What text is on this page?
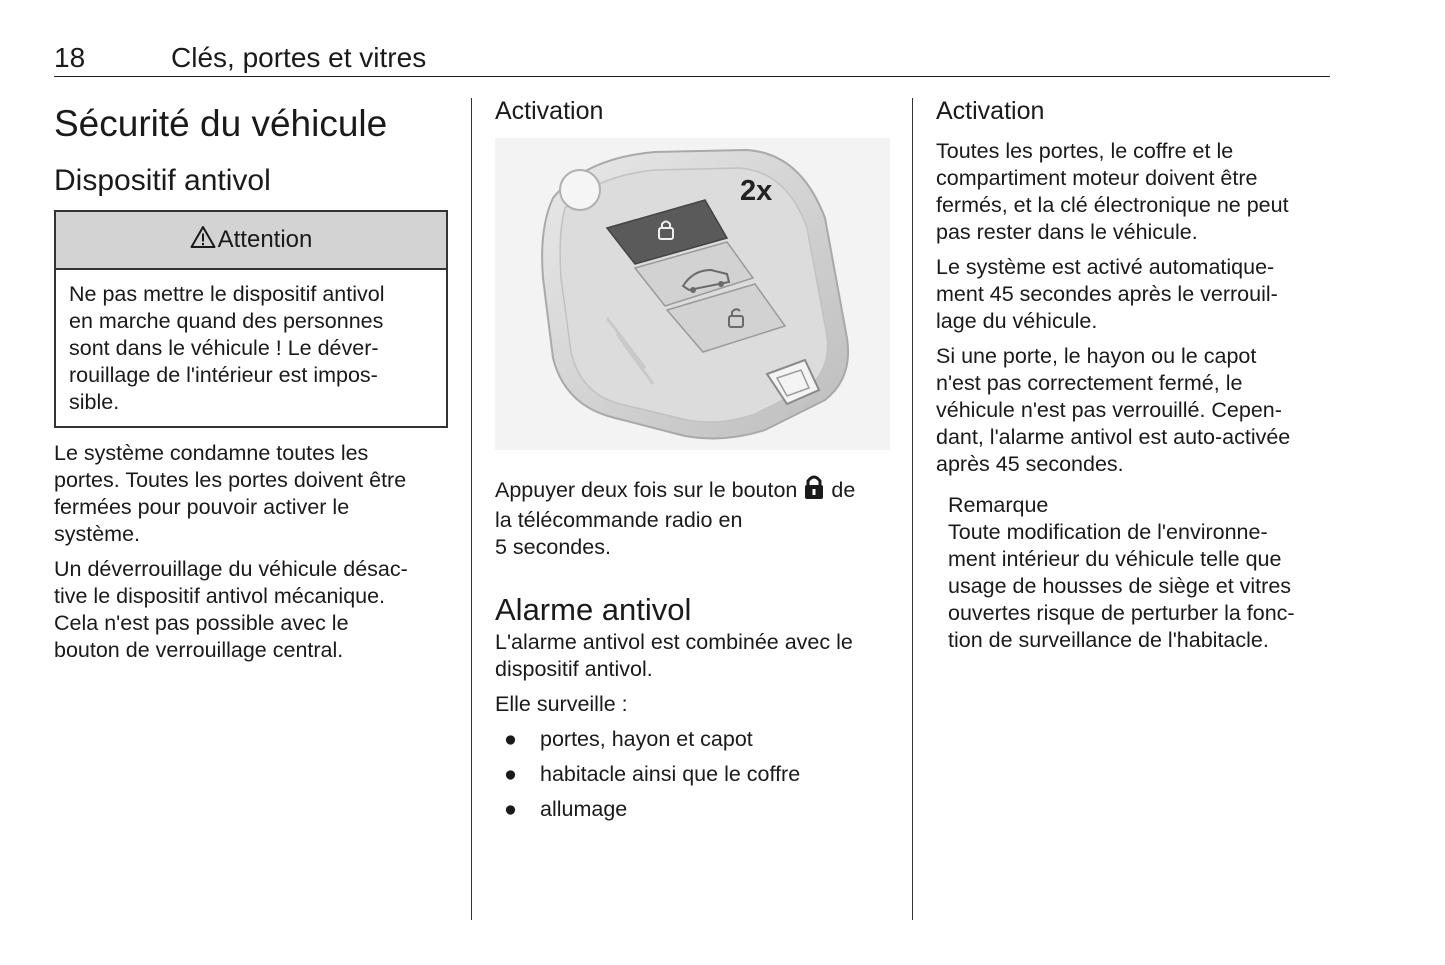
18	Clés, portes et vitres
Sécurité du véhicule
Dispositif antivol
Attention

Ne pas mettre le dispositif antivol
en marche quand des personnes
sont dans le véhicule ! Le déver-
rouillage de l'intérieur est impos-
sible.

Le système condamne toutes les
portes. Toutes les portes doivent être
fermées pour pouvoir activer le
système.

Un déverrouillage du véhicule désac-
tive le dispositif antivol mécanique.
Cela n'est pas possible avec le
bouton de verrouillage central.

Activation
2x

Appuyer deux fois sur le bouton de
la télécommande radio en
5 secondes.

Alarme antivol

L'alarme antivol est combinée avec le
dispositif antivol.

Elle surveille :

● portes, hayon et capot
● habitacle ainsi que le coffre
● allumage
Activation

Toutes les portes, le coffre et le
compartiment moteur doivent être
fermés, et la clé électronique ne peut
pas rester dans le véhicule.

Le système est activé automatique-
ment 45 secondes après le verrouil-
lage du véhicule.

Si une porte, le hayon ou le capot
n'est pas correctement fermé, le
véhicule n'est pas verrouillé. Cepen-
dant, l'alarme antivol est auto-activée
après 45 secondes.

Remarque

Toute modification de l'environne-
ment intérieur du véhicule telle que
usage de housses de siège et vitres
ouvertes risque de perturber la fonc-
tion de surveillance de l'habitacle.
